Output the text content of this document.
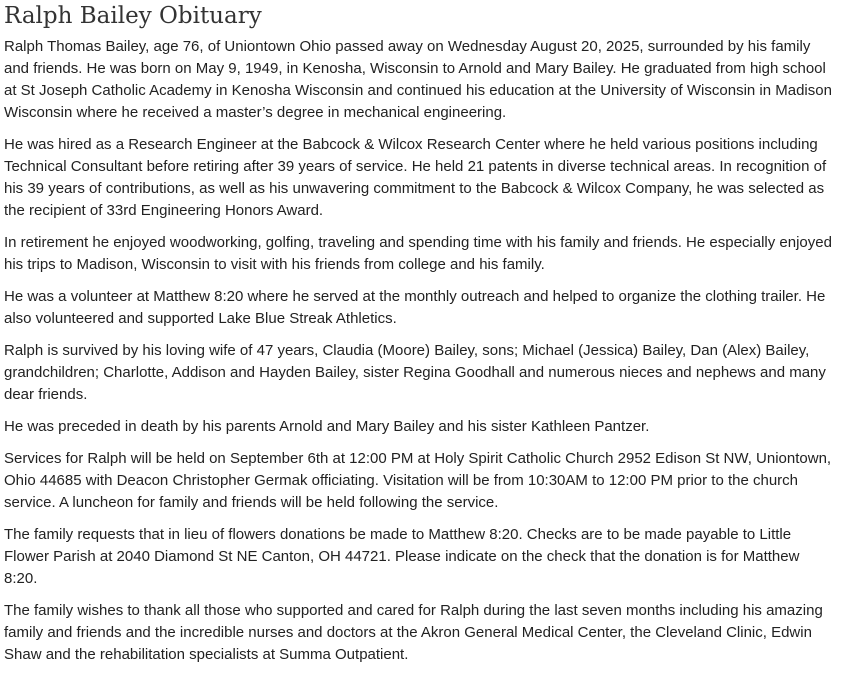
Ralph Bailey Obituary

Ralph Thomas Bailey, age 76, of Uniontown Ohio passed away on Wednesday August 20, 2025, surrounded by his family and friends. He was born on May 9, 1949, in Kenosha, Wisconsin to Arnold and Mary Bailey. He graduated from high school at St Joseph Catholic Academy in Kenosha Wisconsin and continued his education at the University of Wisconsin in Madison Wisconsin where he received a master’s degree in mechanical engineering.

He was hired as a Research Engineer at the Babcock & Wilcox Research Center where he held various positions including Technical Consultant before retiring after 39 years of service. He held 21 patents in diverse technical areas. In recognition of his 39 years of contributions, as well as his unwavering commitment to the Babcock & Wilcox Company, he was selected as the recipient of 33rd Engineering Honors Award.

In retirement he enjoyed woodworking, golfing, traveling and spending time with his family and friends. He especially enjoyed his trips to Madison, Wisconsin to visit with his friends from college and his family.

He was a volunteer at Matthew 8:20 where he served at the monthly outreach and helped to organize the clothing trailer. He also volunteered and supported Lake Blue Streak Athletics.

Ralph is survived by his loving wife of 47 years, Claudia (Moore) Bailey, sons; Michael (Jessica) Bailey, Dan (Alex) Bailey, grandchildren; Charlotte, Addison and Hayden Bailey, sister Regina Goodhall and numerous nieces and nephews and many dear friends.

He was preceded in death by his parents Arnold and Mary Bailey and his sister Kathleen Pantzer.

Services for Ralph will be held on September 6th at 12:00 PM at Holy Spirit Catholic Church 2952 Edison St NW, Uniontown, Ohio 44685 with Deacon Christopher Germak officiating. Visitation will be from 10:30AM to 12:00 PM prior to the church service. A luncheon for family and friends will be held following the service.

The family requests that in lieu of flowers donations be made to Matthew 8:20. Checks are to be made payable to Little Flower Parish at 2040 Diamond St NE Canton, OH 44721. Please indicate on the check that the donation is for Matthew 8:20.

The family wishes to thank all those who supported and cared for Ralph during the last seven months including his amazing family and friends and the incredible nurses and doctors at the Akron General Medical Center, the Cleveland Clinic, Edwin Shaw and the rehabilitation specialists at Summa Outpatient.
